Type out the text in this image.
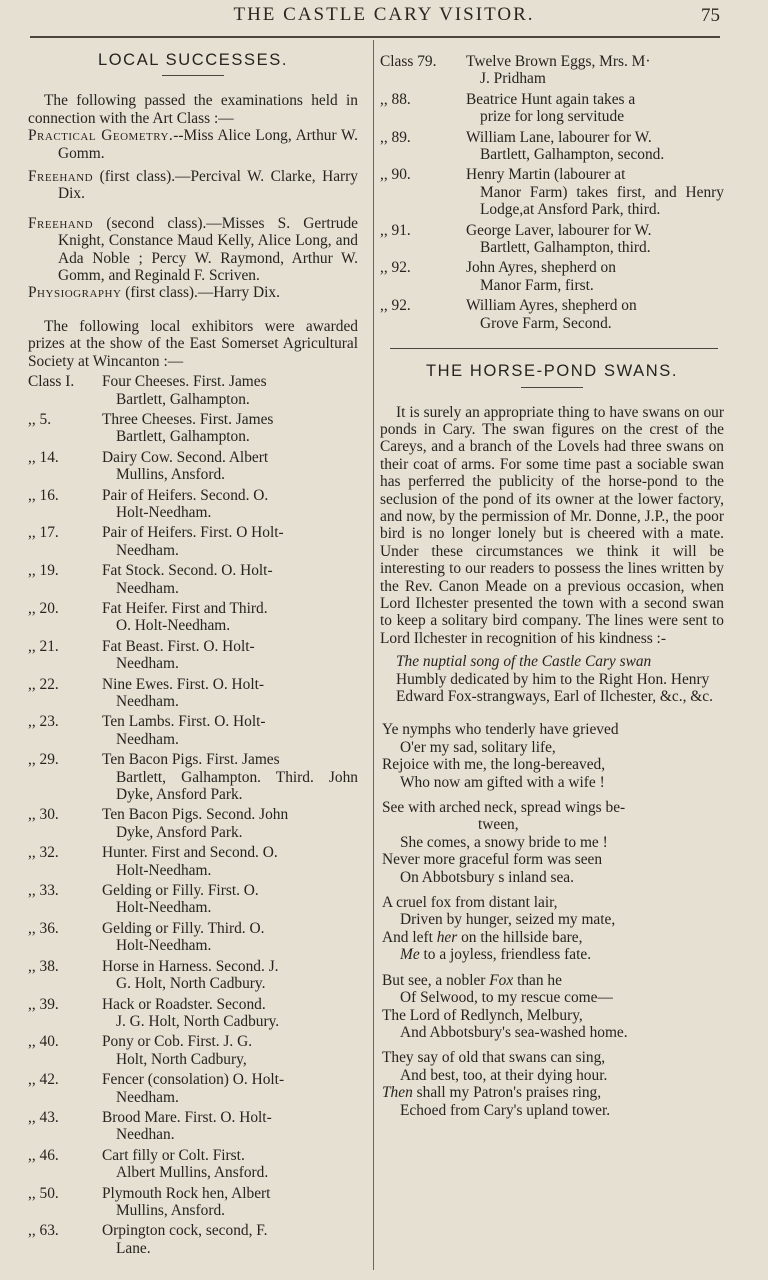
THE CASTLE CARY VISITOR.	75
LOCAL SUCCESSES.

The following passed the examinations held in connection with the Art Class :—

Practical Geometry.--Miss Alice Long, Arthur W. Gomm.

Freehand (first class).—Percival W. Clarke, Harry Dix.

Freehand (second class).—Misses S. Gertrude Knight, Constance Maud Kelly, Alice Long, and Ada Noble ; Percy W. Raymond, Arthur W. Gomm, and Reginald F. Scriven.

Physiography (first class).—Harry Dix.

The following local exhibitors were awarded prizes at the show of the East Somerset Agricultural Society at Wincanton :—

Class I.	Four Cheeses. First. James
Bartlett, Galhampton.
,, 5.	Three Cheeses. First. James
Bartlett, Galhampton.
,, 14.	Dairy Cow. Second. Albert
Mullins, Ansford.
,, 16.	Pair of Heifers. Second. O.
Holt-Needham.
,, 17.	Pair of Heifers. First. O Holt-
Needham.
,, 19.	Fat Stock. Second. O. Holt-
Needham.
,, 20.	Fat Heifer. First and Third.
O. Holt-Needham.
,, 21.	Fat Beast. First. O. Holt-
Needham.
,, 22.	Nine Ewes. First. O. Holt-
Needham.
,, 23.	Ten Lambs. First. O. Holt-
Needham.
,, 29.	Ten Bacon Pigs. First. James
Bartlett, Galhampton. Third. John Dyke, Ansford Park.
,, 30.	Ten Bacon Pigs. Second. John
Dyke, Ansford Park.
,, 32.	Hunter. First and Second. O.
Holt-Needham.
,, 33.	Gelding or Filly. First. O.
Holt-Needham.
,, 36.	Gelding or Filly. Third. O.
Holt-Needham.
,, 38.	Horse in Harness. Second. J.
G. Holt, North Cadbury.
,, 39.	Hack or Roadster. Second.
J. G. Holt, North Cadbury.
,, 40.	Pony or Cob. First. J. G.
Holt, North Cadbury,
,, 42.	Fencer (consolation) O. Holt-
Needham.
,, 43.	Brood Mare. First. O. Holt-
Needhan.
,, 46.	Cart filly or Colt. First.
Albert Mullins, Ansford.
,, 50.	Plymouth Rock hen, Albert
Mullins, Ansford.
,, 63.	Orpington cock, second, F.
Lane.
Class 79.	Twelve Brown Eggs, Mrs. M·
J. Pridham
,, 88.	Beatrice Hunt again takes a
prize for long servitude
,, 89.	William Lane, labourer for W.
Bartlett, Galhampton, second.
,, 90.	Henry Martin (labourer at
Manor Farm) takes first, and Henry Lodge,at Ansford Park, third.
,, 91.	George Laver, labourer for W.
Bartlett, Galhampton, third.
,, 92.	John Ayres, shepherd on
Manor Farm, first.
,, 92.	William Ayres, shepherd on
Grove Farm, Second.
THE HORSE-POND SWANS.

It is surely an appropriate thing to have swans on our ponds in Cary. The swan figures on the crest of the Careys, and a branch of the Lovels had three swans on their coat of arms. For some time past a sociable swan has perferred the publicity of the horse-pond to the seclusion of the pond of its owner at the lower factory, and now, by the permission of Mr. Donne, J.P., the poor bird is no longer lonely but is cheered with a mate. Under these circumstances we think it will be interesting to our readers to possess the lines written by the Rev. Canon Meade on a previous occasion, when Lord Ilchester presented the town with a second swan to keep a solitary bird company. The lines were sent to Lord Ilchester in recognition of his kindness :-

The nuptial song of the Castle Cary swan

Humbly dedicated by him to the Right Hon. Henry Edward Fox-strangways, Earl of Ilchester, &c., &c.

Ye nymphs who tenderly have grieved
O'er my sad, solitary life,
Rejoice with me, the long-bereaved,
Who now am gifted with a wife !
See with arched neck, spread wings be-
tween,
She comes, a snowy bride to me !
Never more graceful form was seen
On Abbotsbury s inland sea.
A cruel fox from distant lair,
Driven by hunger, seized my mate,
And left her on the hillside bare,
Me to a joyless, friendless fate.
But see, a nobler Fox than he
Of Selwood, to my rescue come—
The Lord of Redlynch, Melbury,
And Abbotsbury's sea-washed home.
They say of old that swans can sing,
And best, too, at their dying hour.
Then shall my Patron's praises ring,
Echoed from Cary's upland tower.
